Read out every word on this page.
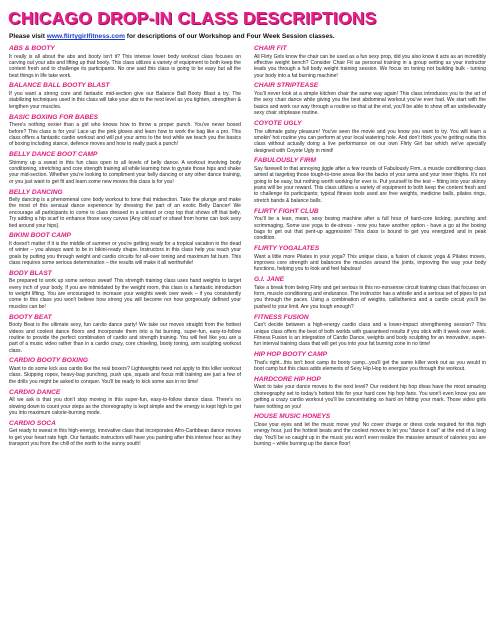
CHICAGO DROP-IN CLASS DESCRIPTIONS
Please visit www.flirtygirlfitness.com for descriptions of our Workshop and Four Week Session classes.
ABS & BOOTY

It really is all about the abs and booty isn't it? This intense lower body workout class focuses on carving out your abs and lifting up that booty. This class utilizes a variety of equipment to both keep the content fresh and to challenge its participants. No one said this class is going to be easy but all the best things in life take work.

BALANCE BALL BOOTY BLAST

If you want a strong core and fantastic mid-section give our Balance Ball Booty Blast a try. The stabilizing techniques used in this class will take your abs to the next level as you tighten, strengthen & lengthen your muscles.

BASIC BOXING FOR BABES

There's nothing sexier than a girl who knows how to throw a proper punch. You've never boxed before? This class is for you! Lace up the pink gloves and learn how to work the bag like a pro. This class offers a fantastic cardio workout and will put your arms to the test while we teach you the basics of boxing including stance, defence moves and how to really pack a punch!

BELLY DANCE BOOT CAMP

Shimmy up a sweat in this fun class open to all levels of belly dance. A workout involving body conditioning, stretching and core strength training all while learning how to gyrate those hips and shake your mid-section. Whether you're looking to compliment your belly dancing or any other dance training, or you just want to get fit and learn some new moves this class is for you!

BELLY DANCING

Belly dancing is a phenomenal core body workout to tone that midsection. Take the plunge and make the most of this sensual dance experience by dressing the part of an exotic Belly Dancer! We encourage all participants to come to class dressed in a unitard or crop top that shows off that belly. Try adding a hip scarf to enhance those sexy curves (Any old scarf or shawl from home can look sexy tied around your hips).

BIKINI BOOT CAMP

It doesn't matter if it is the middle of summer or you're getting ready for a tropical vacation in the dead of winter – you always want to be in bikini-ready shape. Instructors in this class help you reach your goals by putting you through weight and cardio circuits for all-over toning and maximum fat burn. This class requires some serious determination – the results will make it all worthwhile!

BODY BLAST

Be prepared to work up some serious sweat! This strength training class uses hand weights to target every inch of your body. If you are intimidated by the weight room, this class is a fantastic introduction to weight lifting. You are encouraged to increase your weights week over week – if you consistently come to this class you won't believe how strong you will become nor how gorgeously defined your muscles can be!

BOOTY BEAT

Booty Beat is the ultimate sexy, fun cardio dance party! We take our moves straight from the hottest videos and coolest dance floors and incorporate them into a fat burning, super-fun, easy-to-follow routine to provide the perfect combination of cardio and strength training. You will feel like you are a part of a music video rather than in a cardio crazy, core chiseling, booty toning, arm sculpting workout class.

CARDIO BOOTY BOXING

Want to do some kick ass cardio like the real boxers? Lightweights need not apply to this killer workout class. Skipping ropes, heavy-bag punching, push ups, squats and focus mitt training are just a few of the drills you might be asked to conquer. You'll be ready to kick some ass in no time!

CARDIO DANCE

All we ask is that you don't stop moving in this super-fun, easy-to-follow dance class. There's no slowing down to count your steps as the choreography is kept simple and the energy is kept high to get you into maximum calorie-burning mode.

CARDIO SOCA

Get ready to sweat in this high-energy, innovative class that incorporates Afro-Caribbean dance moves to get your heart rate high. Our fantastic instructors will have you panting after this intense hour as they transport you from the chill of the north to the sunny south!

CHAIR FIT

All Flirty Girls know the chair can be used as a fun sexy prop, did you also know it acts as an incredibly effective weight bench? Consider Chair Fit as personal training in a group setting as your instructor leads you through a full body weight training session. We focus on toning not building bulk - turning your body into a fat burning machine!

CHAIR STRIPTEASE

You'll never look at a simple kitchen chair the same way again! This class introduces you to the art of the sexy chair dance while giving you the best abdominal workout you've ever had. We start with the basics and work our way through a routine so that at the end, you'll be able to show off an unbelievably sexy chair striptease routine.

COYOTE UGLY

The ultimate gutsy pleasure! You've seen the movie and you know you want to try. You will learn a smokin' hot routine you can perform at your local watering hole. And don't think you're getting outta this class without actually doing a live performance on our own Flirty Girl bar which we've specially designed with Coyote Ugly in mind!

FABULOUSLY FIRM

Say farewell to that annoying jiggle after a few rounds of Fabulously Firm, a muscle conditioning class aimed at targeting those tough-to-tone areas like the backs of your arms and your inner thighs. It's not going to be easy, but nothing worth working for ever is. Put yourself to the test – fitting into your skinny jeans will be your reward. This class utilizes a variety of equipment to both keep the content fresh and to challenge its participants; typical fitness tools used are free weights, medicine balls, pilates rings, stretch bands & balance balls.

FLIRTY FIGHT CLUB

You'll be a lean, mean, sexy boxing machine after a full hour of hard-core kicking, punching and scrimmaging. Some use yoga to de-stress - now you have another option - have a go at the boxing bags to get out that pent-up aggression! This class is bound to get you energized and in peak condition.

FLIRTY YOGALATES

Want a little more Pilates in your yoga? This unique class, a fusion of classic yoga & Pilates moves, improves core strength and balances the muscles around the joints, improving the way your body functions, helping you to look and feel fabulous!

G.I. JANE

Take a break from being Flirty and get serious in this no-nonsense circuit training class that focuses on form, muscle conditioning and endurance. The instructor has a whistle and a serious set of pipes to put you through the paces. Using a combination of weights, callisthenics and a cardio circuit you'll be pushed to your limit. Are you tough enough?

FITNESS FUSION

Can't decide between a high-energy cardio class and a lower-impact strengthening session? This unique class offers the best of both worlds with guaranteed results if you stick with it week over week. Fitness Fusion is an integration of Cardio Dance, weights and body sculpting for an innovative, super-fun interval training class that will get you into your fat burning zone in no time!

HIP HOP BOOTY CAMP

That's right...this isn't boot camp its booty camp...you'll get the same killer work out as you would in boot camp but this class adds elements of Sexy Hip Hop to energize you through the workout.

HARDCORE HIP HOP

Want to take your dance moves to the next level? Our resident hip hop divas have the most amazing choreography set to today's hottest hits for your hard core hip hop fans. You won't even know you are getting a crazy cardio workout you'll be concentrating so hard on hitting your mark. Those video girls have nothing on you!

HOUSE MUSIC HONEYS

Close your eyes and let the music move you! No cover charge or dress code required for this high energy hour, just the hottest beats and the coolest moves to let you "dance it out" at the end of a long day. You'll be so caught up in the music you won't even realize the massive amount of calories you are burning – while burning up the dance floor!
